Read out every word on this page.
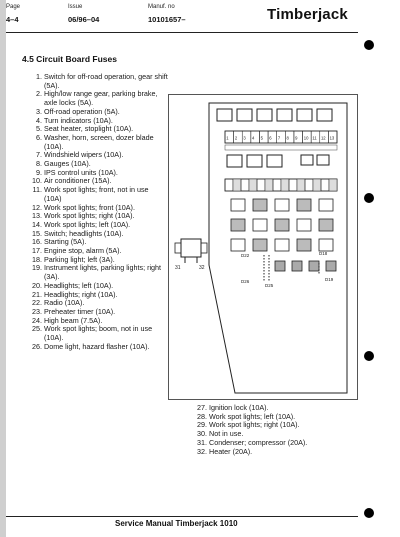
Page
4–4
Issue
06/96–04
Manuf. no
10101657–	Timberjack
4.5 Circuit Board Fuses
1. Switch for off-road operation, gear shift (5A).
2. High/low range gear, parking brake, axle locks (5A).
3. Off-road operation (5A).
4. Turn indicators (10A).
5. Seat heater, stoplight (10A).
6. Washer, horn, screen, dozer blade (10A).
7. Windshield wipers (10A).
8. Gauges (10A).
9. IPS control units (10A).
10. Air conditioner (15A).
11. Work spot lights; front, not in use (10A)
12. Work spot lights; front (10A).
13. Work spot lights; right (10A).
14. Work spot lights; left (10A).
15. Switch; headlights (10A).
16. Starting (5A).
17. Engine stop, alarm (5A).
18. Parking light; left (3A).
19. Instrument lights, parking lights; right (3A).
20. Headlights; left (10A).
21. Headlights; right (10A).
22. Radio (10A).
23. Preheater timer (10A).
24. High beam (7.5A).
25. Work spot lights; boom, not in use (10A).
26. Dome light, hazard flasher (10A).
27. Ignition lock (10A).
28. Work spot lights; left (10A).
29. Work spot lights; right (10A).
30. Not in use.
31. Condenser; compressor (20A).
32. Heater (20A).
1 2 3 4 5 6 7 8 9 10 11 12 13
31	32
D22
D25
D18
D26	D19
Service Manual Timberjack 1010
